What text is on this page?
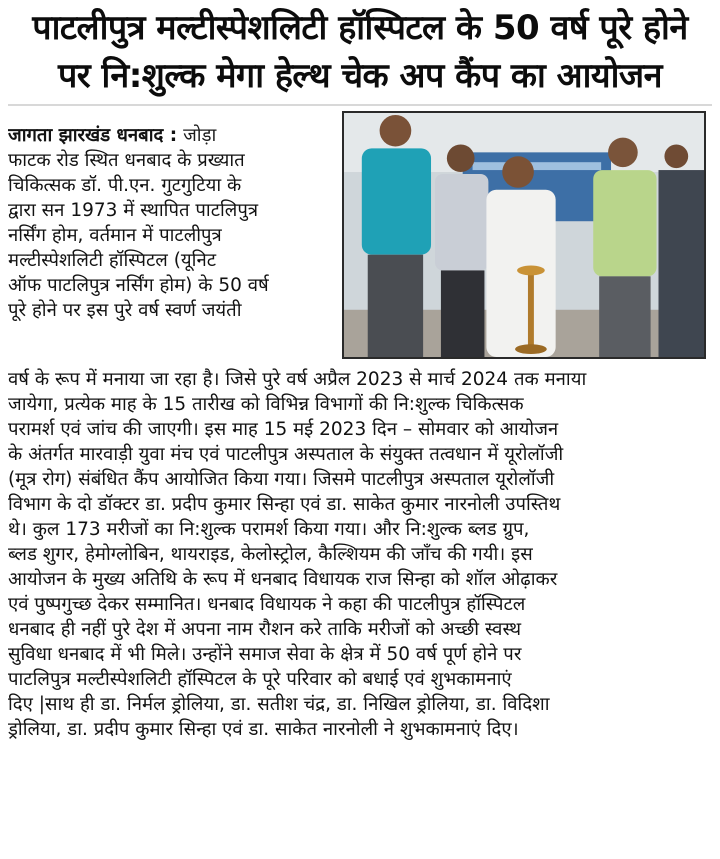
पाटलीपुत्र मल्टीस्पेशलिटी हॉस्पिटल के 50 वर्ष पूरे होने
पर नि:शुल्क मेगा हेल्थ चेक अप कैंप का आयोजन
जागता झारखंड धनबाद : जोड़ा
फाटक रोड स्थित धनबाद के प्रख्यात
चिकित्सक डॉ. पी.एन. गुटगुटिया के
द्वारा सन 1973 में स्थापित पाटलिपुत्र
नर्सिंग होम, वर्तमान में पाटलीपुत्र
मल्टीस्पेशलिटी हॉस्पिटल (यूनिट
ऑफ पाटलिपुत्र नर्सिंग होम) के 50 वर्ष
पूरे होने पर इस पुरे वर्ष स्वर्ण जयंती
वर्ष के रूप में मनाया जा रहा है। जिसे पुरे वर्ष अप्रैल 2023 से मार्च 2024 तक मनाया
जायेगा, प्रत्येक माह के 15 तारीख को विभिन्न विभागों की नि:शुल्क चिकित्सक
परामर्श एवं जांच की जाएगी। इस माह 15 मई 2023 दिन – सोमवार को आयोजन
के अंतर्गत मारवाड़ी युवा मंच एवं पाटलीपुत्र अस्पताल के संयुक्त तत्वधान में यूरोलॉजी
(मूत्र रोग) संबंधित कैंप आयोजित किया गया। जिसमे पाटलीपुत्र अस्पताल यूरोलॉजी
विभाग के दो डॉक्टर डा. प्रदीप कुमार सिन्हा एवं डा. साकेत कुमार नारनोली उपस्तिथ
थे। कुल 173 मरीजों का नि:शुल्क परामर्श किया गया। और नि:शुल्क ब्लड ग्रुप,
ब्लड शुगर, हेमोग्लोबिन, थायराइड, केलोस्ट्रोल, कैल्शियम की जाँच की गयी। इस
आयोजन के मुख्य अतिथि के रूप में धनबाद विधायक राज सिन्हा को शॉल ओढ़ाकर
एवं पुष्पगुच्छ देकर सम्मानित। धनबाद विधायक ने कहा की पाटलीपुत्र हॉस्पिटल
धनबाद ही नहीं पुरे देश में अपना नाम रौशन करे ताकि मरीजों को अच्छी स्वस्थ
सुविधा धनबाद में भी मिले। उन्होंने समाज सेवा के क्षेत्र में 50 वर्ष पूर्ण होने पर
पाटलिपुत्र मल्टीस्पेशलिटी हॉस्पिटल के पूरे परिवार को बधाई एवं शुभकामनाएं
दिए |साथ ही डा. निर्मल ड्रोलिया, डा. सतीश चंद्र, डा. निखिल ड्रोलिया, डा. विदिशा
ड्रोलिया, डा. प्रदीप कुमार सिन्हा एवं डा. साकेत नारनोली ने शुभकामनाएं दिए।
